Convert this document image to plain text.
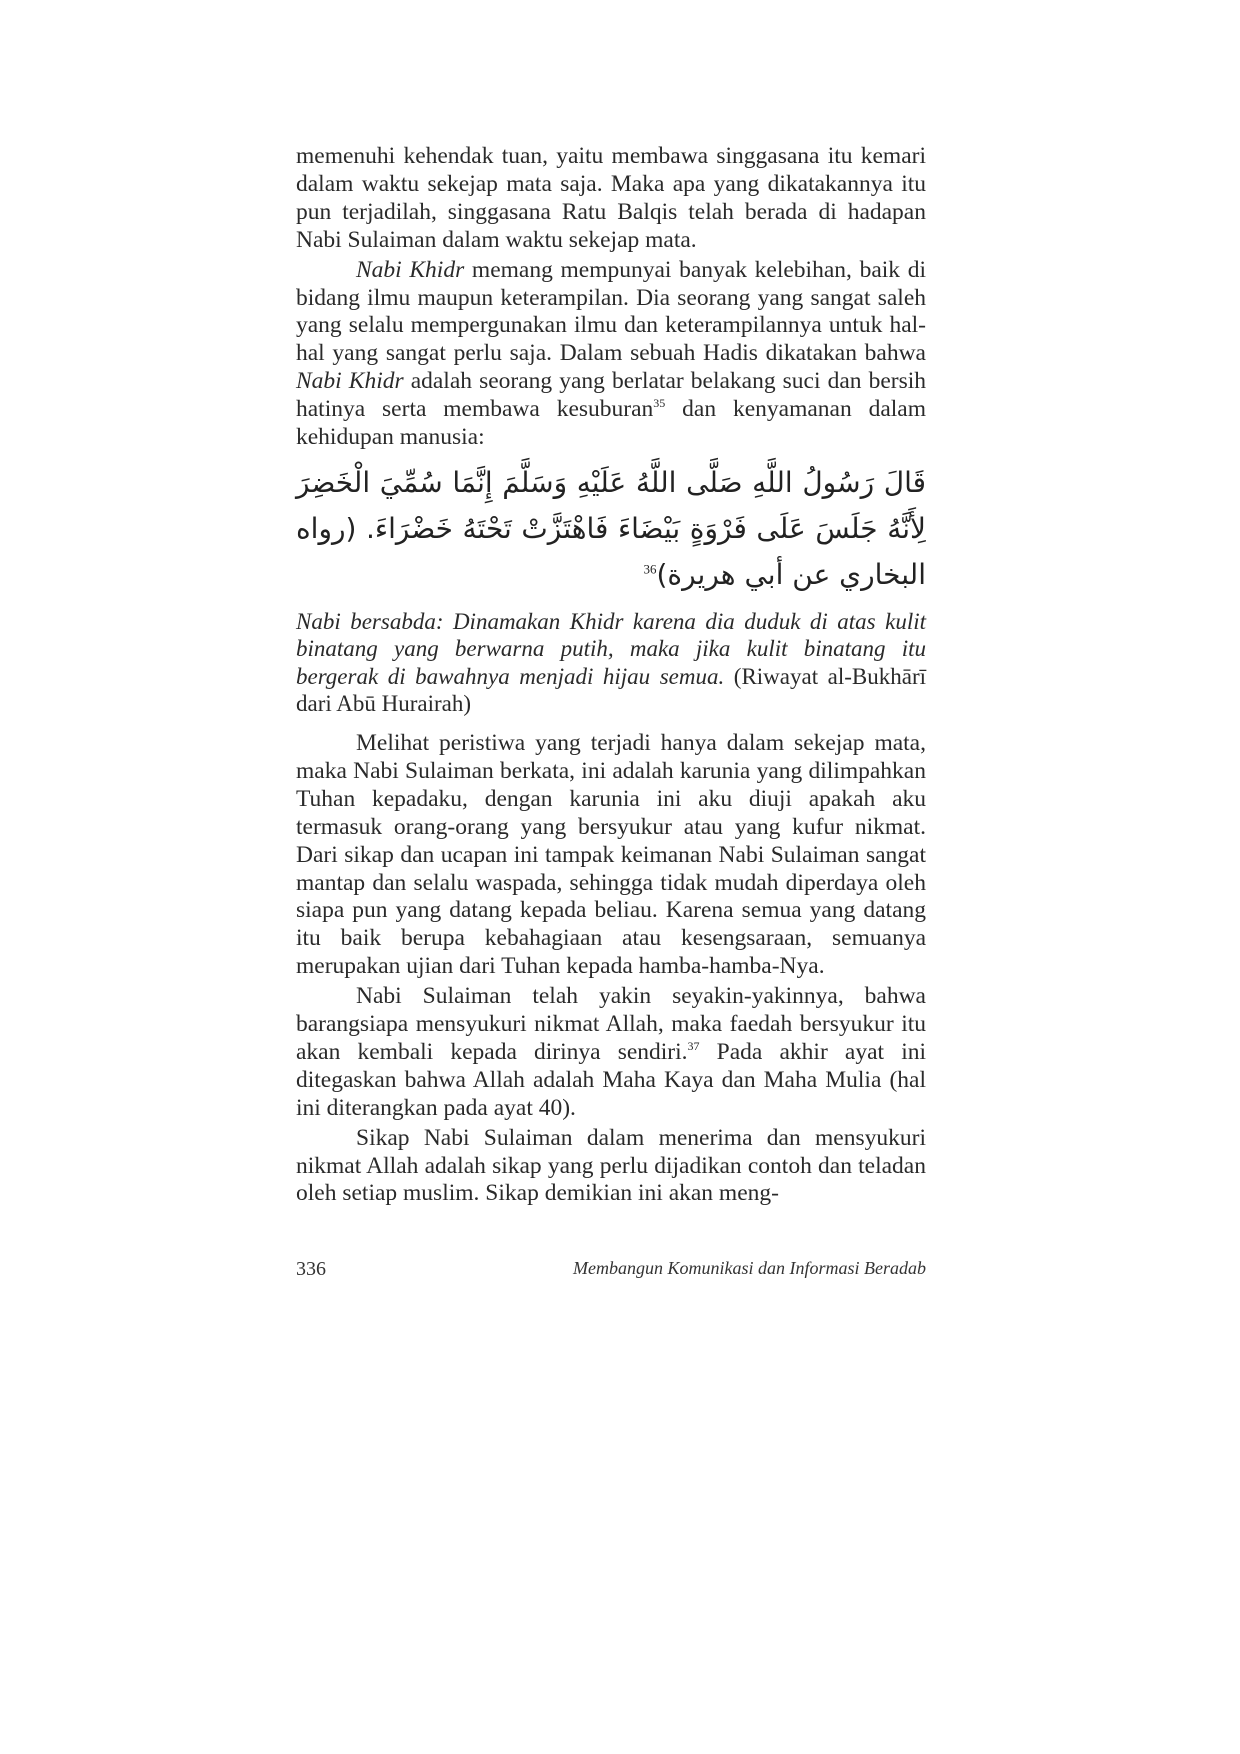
memenuhi kehendak tuan, yaitu membawa singgasana itu kemari dalam waktu sekejap mata saja. Maka apa yang dikatakannya itu pun terjadilah, singgasana Ratu Balqis telah berada di hadapan Nabi Sulaiman dalam waktu sekejap mata.

Nabi Khidr memang mempunyai banyak kelebihan, baik di bidang ilmu maupun keterampilan. Dia seorang yang sangat saleh yang selalu mempergunakan ilmu dan keterampilannya untuk hal-hal yang sangat perlu saja. Dalam sebuah Hadis dikatakan bahwa Nabi Khidr adalah seorang yang berlatar belakang suci dan bersih hatinya serta membawa kesuburan$^{35}$ dan kenyamanan dalam kehidupan manusia:

قَالَ رَسُولُ اللَّهِ صَلَّى اللَّهُ عَلَيْهِ وَسَلَّمَ إِنَّمَا سُمِّيَ الْخَضِرَ لِأَنَّهُ جَلَسَ عَلَى فَرْوَةٍ بَيْضَاءَ فَاهْتَزَّتْ تَحْتَهُ خَضْرَاءَ. (رواه البخاري عن أبي هريرة)$^{36}$

Nabi bersabda: Dinamakan Khidr karena dia duduk di atas kulit binatang yang berwarna putih, maka jika kulit binatang itu bergerak di bawahnya menjadi hijau semua. (Riwayat al-Bukhārī dari Abū Hurairah)

Melihat peristiwa yang terjadi hanya dalam sekejap mata, maka Nabi Sulaiman berkata, ini adalah karunia yang dilimpahkan Tuhan kepadaku, dengan karunia ini aku diuji apakah aku termasuk orang-orang yang bersyukur atau yang kufur nikmat. Dari sikap dan ucapan ini tampak keimanan Nabi Sulaiman sangat mantap dan selalu waspada, sehingga tidak mudah diperdaya oleh siapa pun yang datang kepada beliau. Karena semua yang datang itu baik berupa kebahagiaan atau kesengsaraan, semuanya merupakan ujian dari Tuhan kepada hamba-hamba-Nya.

Nabi Sulaiman telah yakin seyakin-yakinnya, bahwa barangsiapa mensyukuri nikmat Allah, maka faedah bersyukur itu akan kembali kepada dirinya sendiri.$^{37}$ Pada akhir ayat ini ditegaskan bahwa Allah adalah Maha Kaya dan Maha Mulia (hal ini diterangkan pada ayat 40).

Sikap Nabi Sulaiman dalam menerima dan mensyukuri nikmat Allah adalah sikap yang perlu dijadikan contoh dan teladan oleh setiap muslim. Sikap demikian ini akan meng-

336	Membangun Komunikasi dan Informasi Beradab
